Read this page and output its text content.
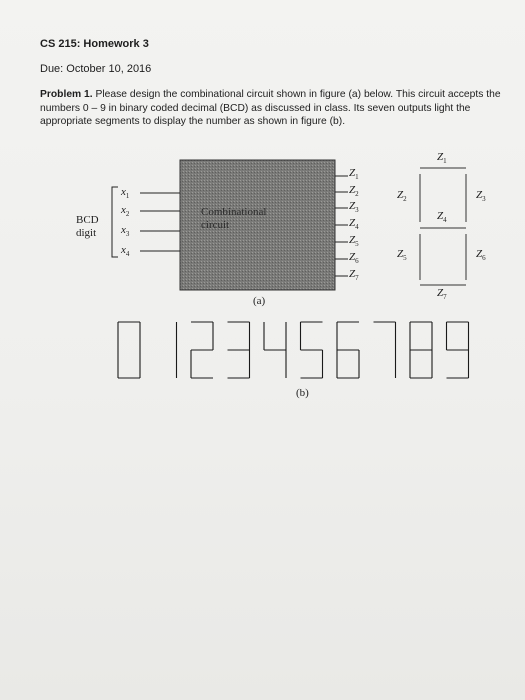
CS 215: Homework 3
Due: October 10, 2016
Problem 1. Please design the combinational circuit shown in figure (a) below. This circuit accepts the numbers 0 – 9 in binary coded decimal (BCD) as discussed in class. Its seven outputs light the appropriate segments to display the number as shown in figure (b).
BCD
digit
$x_1$
$x_2$
$x_3$
$x_4$
Combinational
circuit
$Z_1$
$Z_2$
$Z_3$
$Z_4$
$Z_5$
$Z_6$
$Z_7$
$Z_1$
$Z_2$	$Z_3$
$Z_4$
$Z_5$	$Z_6$
$Z_7$
(a)
(b)
